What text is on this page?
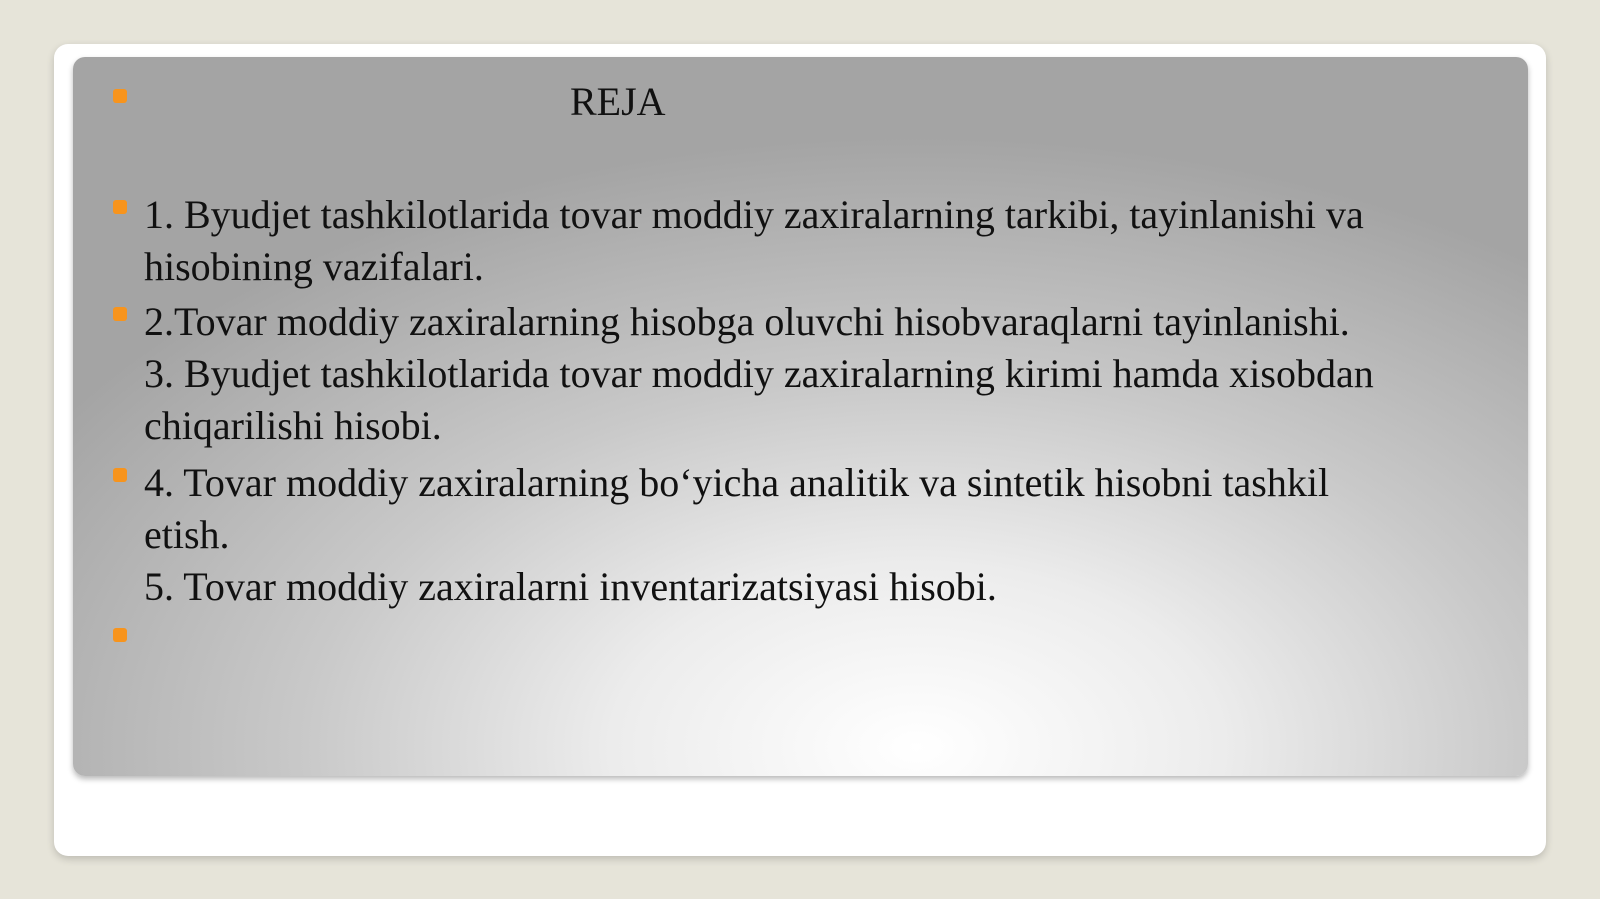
REJA
1. Byudjet tashkilotlarida tovar moddiy zaxiralarning tarkibi, tayinlanishi va
hisobining vazifalari.
2.Tovar moddiy zaxiralarning hisobga oluvchi hisobvaraqlarni tayinlanishi.
3. Byudjet tashkilotlarida tovar moddiy zaxiralarning kirimi hamda xisobdan
chiqarilishi hisobi.
4. Tovar moddiy zaxiralarning bo‘yicha analitik va sintetik hisobni tashkil
etish.
5. Tovar moddiy zaxiralarni inventarizatsiyasi hisobi.
